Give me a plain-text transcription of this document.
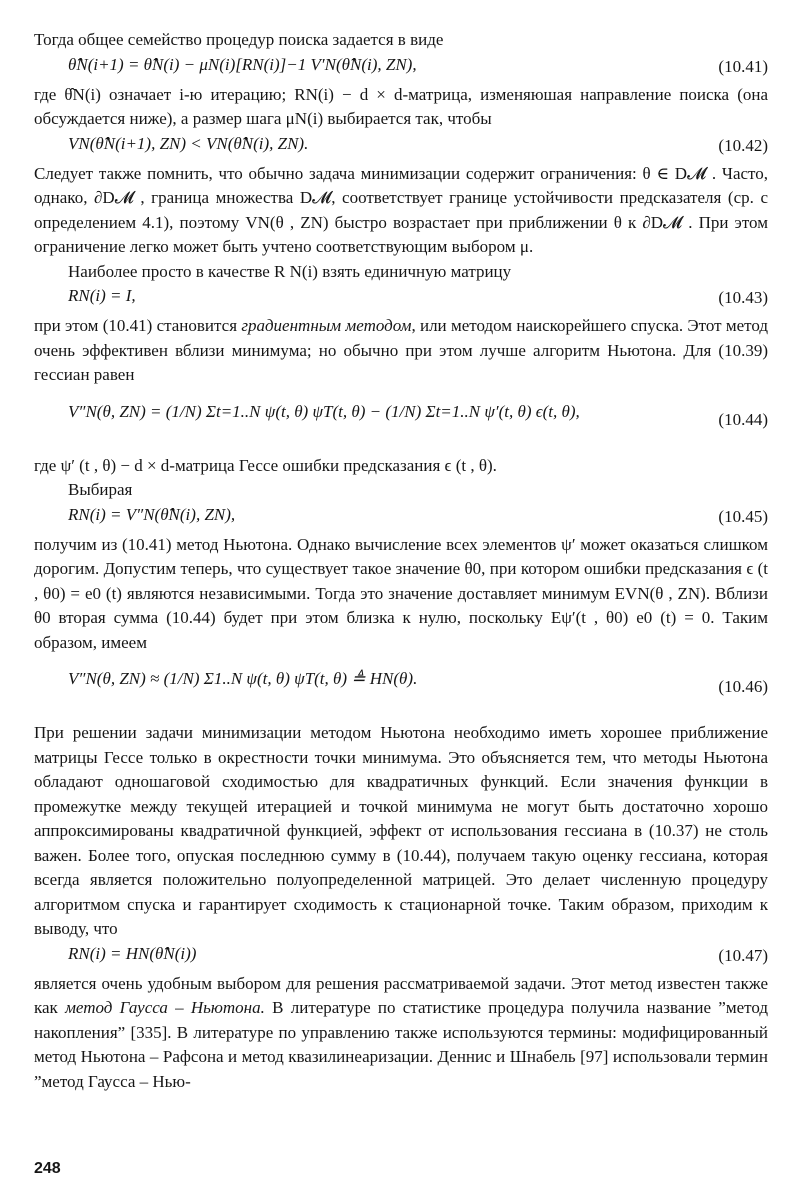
Тогда общее семейство процедур поиска задается в виде

θ̂N(i+1) = θ̂N(i) − μN(i)[RN(i)]−1 V′N(θ̂N(i), ZN),	(10.41)

где θ̂N(i) означает i-ю итерацию; RN(i) − d × d-матрица, изменяюшая направление поиска (она обсуждается ниже), а размер шага μN(i) выбирается так, чтобы

VN(θ̂N(i+1), ZN) < VN(θ̂N(i), ZN).	(10.42)

Следует также помнить, что обычно задача минимизации содержит ограничения: θ ∈ D𝓜 . Часто, однако, ∂D𝓜 , граница множества D𝓜, соответствует границе устойчивости предсказателя (ср. с определением 4.1), поэтому VN(θ , ZN) быстро возрастает при приближении θ к ∂D𝓜 . При этом ограничение легко может быть учтено соответствующим выбором μ.

Наиболее просто в качестве R N(i) взять единичную матрицу

RN(i) = I,	(10.43)

при этом (10.41) становится градиентным методом, или методом наискорейшего спуска. Этот метод очень эффективен вблизи минимума; но обычно при этом лучше алгоритм Ньютона. Для (10.39) гессиан равен

V″N(θ, ZN) = (1/N) Σt=1..N ψ(t, θ) ψT(t, θ) − (1/N) Σt=1..N ψ′(t, θ) ϵ(t, θ),	(10.44)

где ψ′ (t , θ) − d × d-матрица Гессе ошибки предсказания ϵ (t , θ).

Выбирая
RN(i) = V″N(θ̂N(i), ZN),	(10.45)

получим из (10.41) метод Ньютона. Однако вычисление всех элементов ψ′ может оказаться слишком дорогим. Допустим теперь, что существует такое значение θ0, при котором ошибки предсказания ϵ (t , θ0) = e0 (t) являются независимыми. Тогда это значение доставляет минимум EVN(θ , ZN). Вблизи θ0 вторая сумма (10.44) будет при этом близка к нулю, поскольку Eψ′(t , θ0) e0 (t) = 0. Таким образом, имеем

V″N(θ, ZN) ≈ (1/N) Σ1..N ψ(t, θ) ψT(t, θ) ≜ HN(θ).	(10.46)

При решении задачи минимизации методом Ньютона необходимо иметь хорошее приближение матрицы Гессе только в окрестности точки минимума. Это объясняется тем, что методы Ньютона обладают одношаговой сходимостью для квадратичных функций. Если значения функции в промежутке между текущей итерацией и точкой минимума не могут быть достаточно хорошо аппроксимированы квадратичной функцией, эффект от использования гессиана в (10.37) не столь важен. Более того, опуская последнюю сумму в (10.44), получаем такую оценку гессиана, которая всегда является положительно полуопределенной матрицей. Это делает численную процедуру алгоритмом спуска и гарантирует сходимость к стационарной точке. Таким образом, приходим к выводу, что

RN(i) = HN(θ̂N(i))	(10.47)

является очень удобным выбором для решения рассматриваемой задачи. Этот метод известен также как метод Гаусса – Ньютона. В литературе по статистике процедура получила название ”метод накопления” [335]. В литературе по управлению также используются термины: модифицированный метод Ньютона – Рафсона и метод квазилинеаризации. Деннис и Шнабель [97] использовали термин ”метод Гаусса – Нью-

248
